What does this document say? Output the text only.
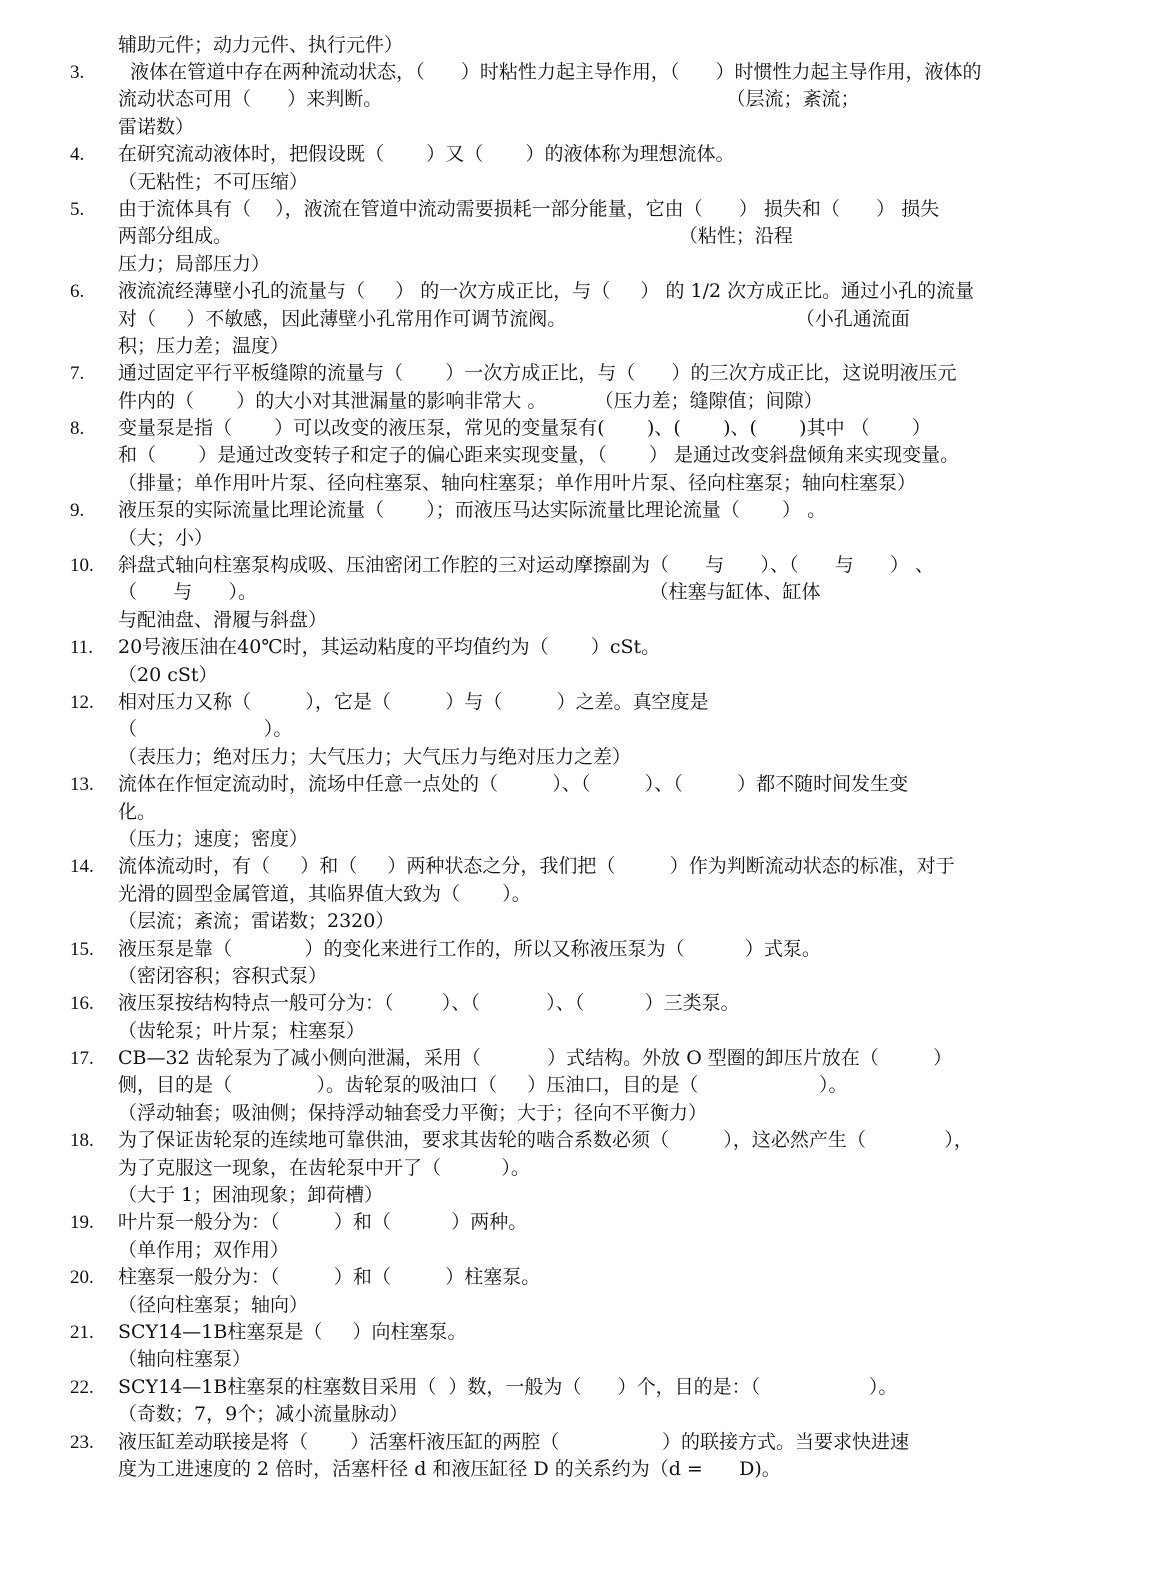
辅助元件；动力元件、执行元件）
3.	液体在管道中存在两种流动状态，（      ）时粘性力起主导作用，（      ）时惯性力起主导作用，液体的
流动状态可用（      ）来判断。                                                         （层流；紊流；
雷诺数）
4.	在研究流动液体时，把假设既（       ）又（       ）的液体称为理想流体。
（无粘性；不可压缩）
5.	由于流体具有（    ），液流在管道中流动需要损耗一部分能量，它由（      ） 损失和（      ） 损失
两部分组成。                                                                          （粘性；沿程
压力；局部压力）
6.	液流流经薄壁小孔的流量与（     ） 的一次方成正比，与（     ） 的 1/2 次方成正比。通过小孔的流量
对（     ）不敏感，因此薄壁小孔常用作可调节流阀。                                      （小孔通流面
积；压力差；温度）
7.	通过固定平行平板缝隙的流量与（       ）一次方成正比，与（      ）的三次方成正比，这说明液压元
件内的（       ）的大小对其泄漏量的影响非常大 。        （压力差；缝隙值；间隙）
8.	变量泵是指（       ）可以改变的液压泵，常见的变量泵有(       )、(       )、(       )其中 （       ）
和（       ）是通过改变转子和定子的偏心距来实现变量，（       ） 是通过改变斜盘倾角来实现变量。
（排量；单作用叶片泵、径向柱塞泵、轴向柱塞泵；单作用叶片泵、径向柱塞泵；轴向柱塞泵）
9.	液压泵的实际流量比理论流量（       ）；而液压马达实际流量比理论流量（       ） 。
（大；小）
10.	斜盘式轴向柱塞泵构成吸、压油密闭工作腔的三对运动摩擦副为（      与      ）、（      与      ） 、
（      与      ）。                                                                 （柱塞与缸体、缸体
与配油盘、滑履与斜盘）
11.	20号液压油在40℃时，其运动粘度的平均值约为（       ）cSt。
（20 cSt）
12.	相对压力又称（         ），它是（         ）与（         ）之差。真空度是
（                     ）。
（表压力；绝对压力；大气压力；大气压力与绝对压力之差）
13.	流体在作恒定流动时，流场中任意一点处的（         ）、（         ）、（         ）都不随时间发生变
化。
（压力；速度；密度）
14.	流体流动时，有（     ）和（     ）两种状态之分，我们把（         ）作为判断流动状态的标准，对于
光滑的圆型金属管道，其临界值大致为（       ）。
（层流；紊流；雷诺数；2320）
15.	液压泵是靠（            ）的变化来进行工作的，所以又称液压泵为（          ）式泵。
（密闭容积；容积式泵）
16.	液压泵按结构特点一般可分为：（        ）、（           ）、（          ）三类泵。
（齿轮泵；叶片泵；柱塞泵）
17.	CB—32 齿轮泵为了减小侧向泄漏，采用（           ）式结构。外放 O 型圈的卸压片放在（         ）
侧，目的是（              ）。齿轮泵的吸油口（     ）压油口，目的是（                    ）。
（浮动轴套；吸油侧；保持浮动轴套受力平衡；大于；径向不平衡力）
18.	为了保证齿轮泵的连续地可靠供油，要求其齿轮的啮合系数必须（         ），这必然产生（             ），
为了克服这一现象，在齿轮泵中开了（          ）。
（大于 1；困油现象；卸荷槽）
19.	叶片泵一般分为：（         ）和（          ）两种。
（单作用；双作用）
20.	柱塞泵一般分为：（         ）和（         ）柱塞泵。
（径向柱塞泵；轴向）
21.	SCY14—1B柱塞泵是（     ）向柱塞泵。
（轴向柱塞泵）
22.	SCY14—1B柱塞泵的柱塞数目采用（  ）数，一般为（      ）个，目的是：（                  ）。
（奇数；7，9个；减小流量脉动）
23.	液压缸差动联接是将（       ）活塞杆液压缸的两腔（                 ）的联接方式。当要求快进速
度为工进速度的 2 倍时，活塞杆径 d 和液压缸径 D 的关系约为（d =      D)。
